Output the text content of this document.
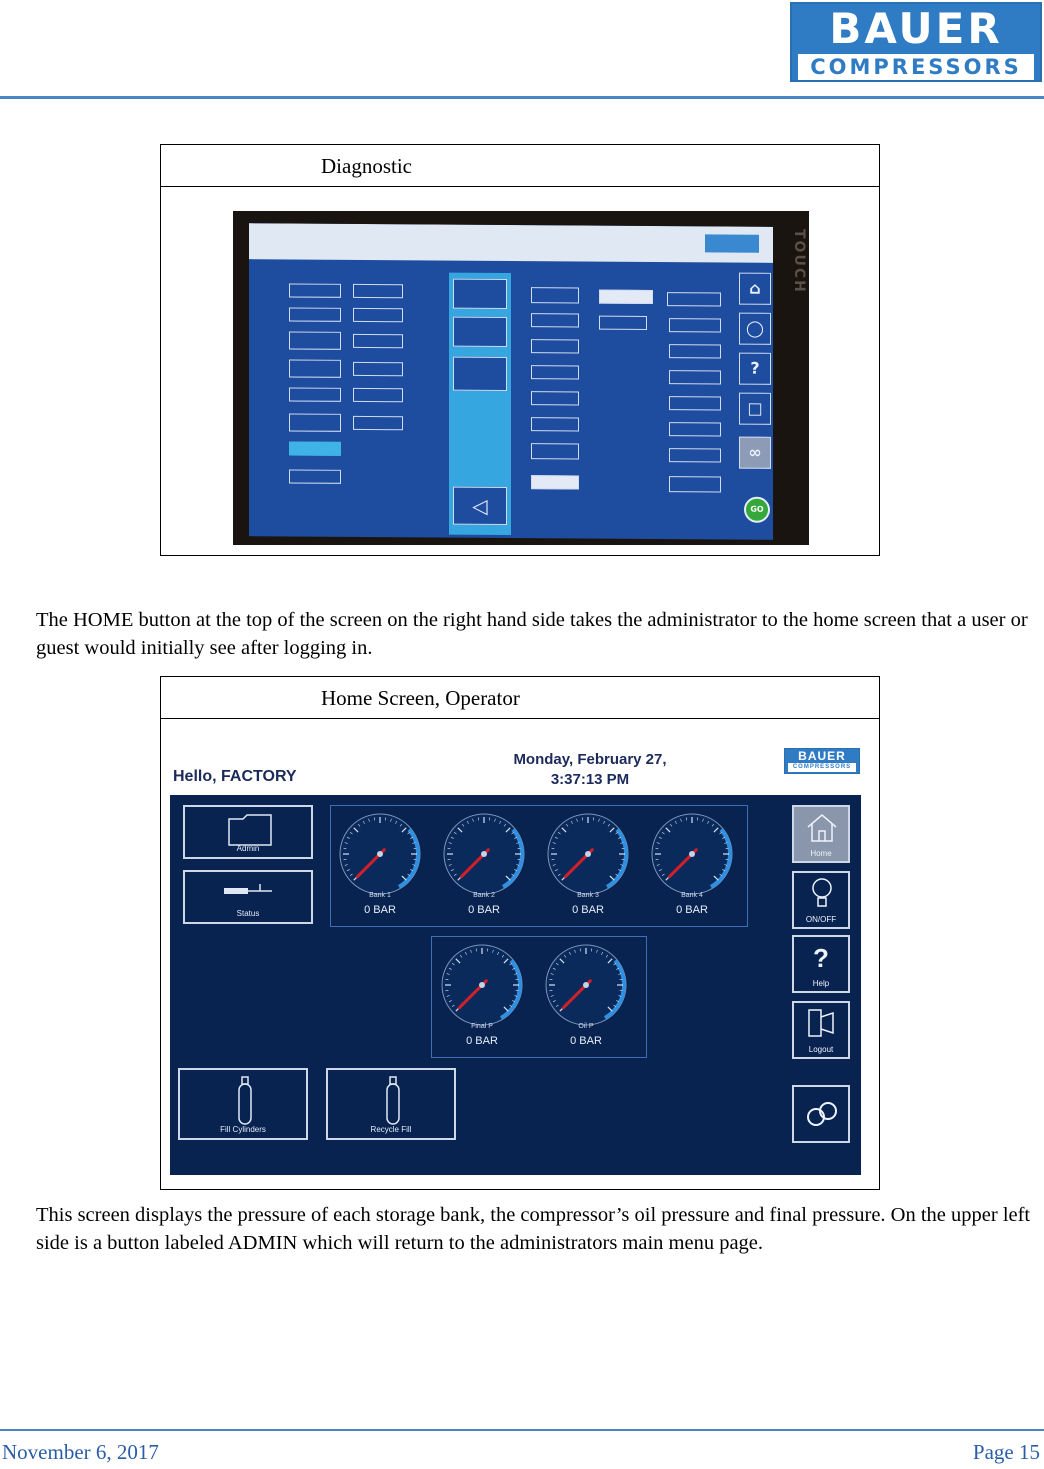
BAUER
COMPRESSORS
Diagnostic
TOUCH
◁
⌂
◯
?
□
∞
GO
The HOME button at the top of the screen on the right hand side takes the administrator to the home screen that a user or guest would initially see after logging in.
Home Screen, Operator
Hello, FACTORY
Monday, February 27,
3:37:13 PM
BAUER
COMPRESSORS
Admin
Status
Bank 1
0 BAR
Bank 2
0 BAR
Bank 3
0 BAR
Bank 4
0 BAR
Final P
0 BAR
Oil P
0 BAR
Fill Cylinders	Recycle Fill
Home
ON/OFF
?
Help
Logout
This screen displays the pressure of each storage bank, the compressor’s oil pressure and final pressure. On the upper left side is a button labeled ADMIN which will return to the administrators main menu page.
November 6, 2017	Page 15
